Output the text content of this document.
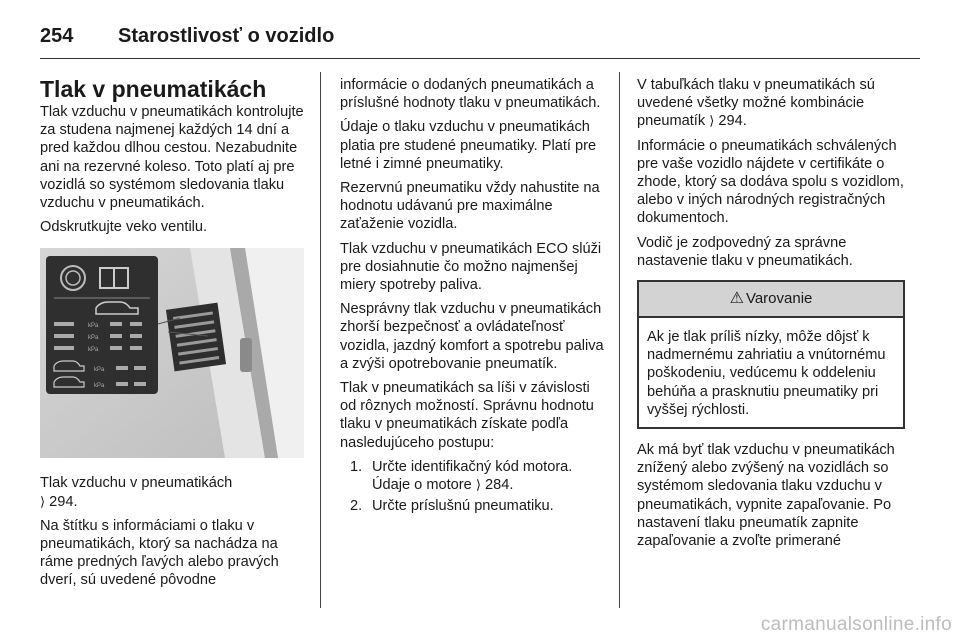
254	Starostlivosť o vozidlo
Tlak v pneumatikách

Tlak vzduchu v pneumatikách kontrolujte za studena najmenej každých 14 dní a pred každou dlhou cestou. Nezabudnite ani na rezervné koleso. Toto platí aj pre vozidlá so systémom sledovania tlaku vzduchu v pneumatikách.

Odskrutkujte veko ventilu.

kPa
kPa
kPa
kPa
kPa

Tlak vzduchu v pneumatikách
⟩ 294.

Na štítku s informáciami o tlaku v pneumatikách, ktorý sa nachádza na ráme predných ľavých alebo pravých dverí, sú uvedené pôvodne

informácie o dodaných pneumatikách a príslušné hodnoty tlaku v pneumatikách.

Údaje o tlaku vzduchu v pneumatikách platia pre studené pneumatiky. Platí pre letné i zimné pneumatiky.

Rezervnú pneumatiku vždy nahustite na hodnotu udávanú pre maximálne zaťaženie vozidla.

Tlak vzduchu v pneumatikách ECO slúži pre dosiahnutie čo možno najmenšej miery spotreby paliva.

Nesprávny tlak vzduchu v pneumatikách zhorší bezpečnosť a ovládateľnosť vozidla, jazdný komfort a spotrebu paliva a zvýši opotrebovanie pneumatík.

Tlak v pneumatikách sa líši v závislosti od rôznych možností. Správnu hodnotu tlaku v pneumatikách získate podľa nasledujúceho postupu:

1. Určte identifikačný kód motora. Údaje o motore ⟩ 284.
2. Určte príslušnú pneumatiku.

V tabuľkách tlaku v pneumatikách sú uvedené všetky možné kombinácie pneumatík ⟩ 294.

Informácie o pneumatikách schválených pre vaše vozidlo nájdete v certifikáte o zhode, ktorý sa dodáva spolu s vozidlom, alebo v iných národných registračných dokumentoch.

Vodič je zodpovedný za správne nastavenie tlaku v pneumatikách.

⚠ Varovanie
Ak je tlak príliš nízky, môže dôjsť k nadmernému zahriatiu a vnútornému poškodeniu, vedúcemu k oddeleniu behúňa a prasknutiu pneumatiky pri vyššej rýchlosti.

Ak má byť tlak vzduchu v pneumatikách znížený alebo zvýšený na vozidlách so systémom sledovania tlaku vzduchu v pneumatikách, vypnite zapaľovanie. Po nastavení tlaku pneumatík zapnite zapaľovanie a zvoľte primerané

carmanualsonline.info
